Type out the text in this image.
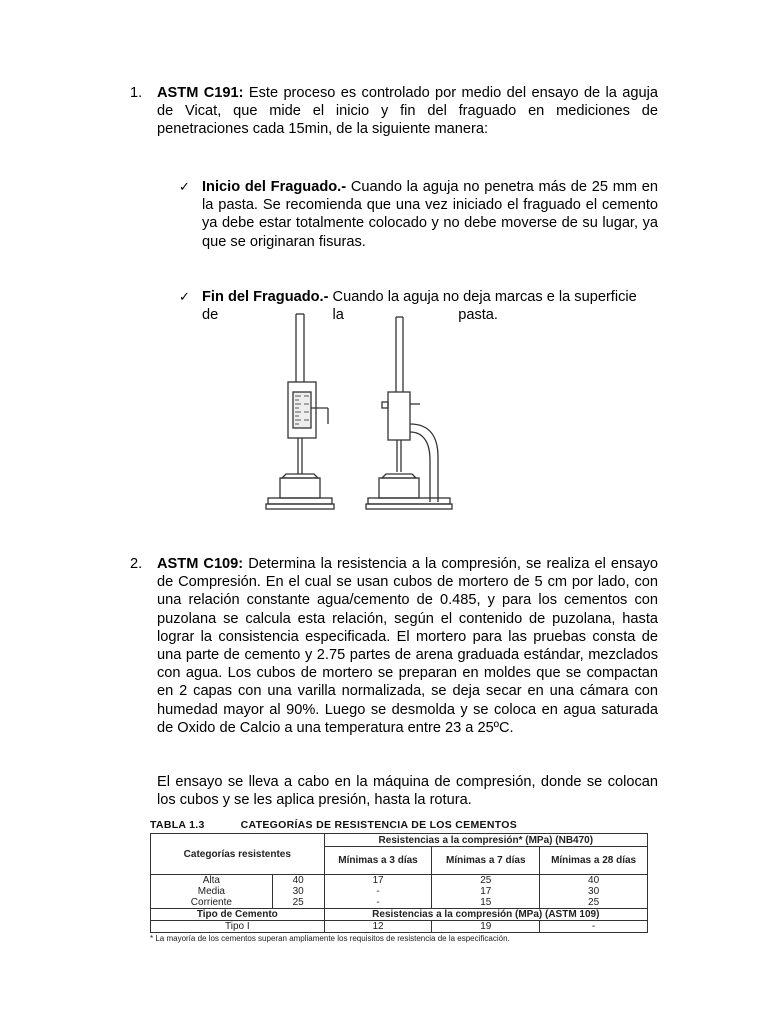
1. ASTM C191: Este proceso es controlado por medio del ensayo de la aguja de Vicat, que mide el inicio y fin del fraguado en mediciones de penetraciones cada 15min, de la siguiente manera:
✓ Inicio del Fraguado.- Cuando la aguja no penetra más de 25 mm en la pasta. Se recomienda que una vez iniciado el fraguado el cemento ya debe estar totalmente colocado y no debe moverse de su lugar, ya que se originaran fisuras.
✓ Fin del Fraguado.- Cuando la aguja no deja marcas e la superficie
de	la	pasta.
2. ASTM C109: Determina la resistencia a la compresión, se realiza el ensayo de Compresión. En el cual se usan cubos de mortero de 5 cm por lado, con una relación constante agua/cemento de 0.485, y para los cementos con puzolana se calcula esta relación, según el contenido de puzolana, hasta lograr la consistencia especificada. El mortero para las pruebas consta de una parte de cemento y 2.75 partes de arena graduada estándar, mezclados con agua. Los cubos de mortero se preparan en moldes que se compactan en 2 capas con una varilla normalizada, se deja secar en una cámara con humedad mayor al 90%. Luego se desmolda y se coloca en agua saturada de Oxido de Calcio a una temperatura entre 23 a 25ºC.
El ensayo se lleva a cabo en la máquina de compresión, donde se colocan los cubos y se les aplica presión, hasta la rotura.
TABLA 1.3	CATEGORÍAS DE RESISTENCIA DE LOS CEMENTOS
Categorías resistentes		Resistencias a la compresión* (MPa) (NB470)		
		Mínimas a 3 días	Mínimas a 7 días	Mínimas a 28 días
Alta	40	17	25	40
Media	30	-	17	30
Corriente	25	-	15	25
Tipo de Cemento		Resistencias a la compresión (MPa) (ASTM 109)		
Tipo I		12	19	-
* La mayoría de los cementos superan ampliamente los requisitos de resistencia de la especificación.
